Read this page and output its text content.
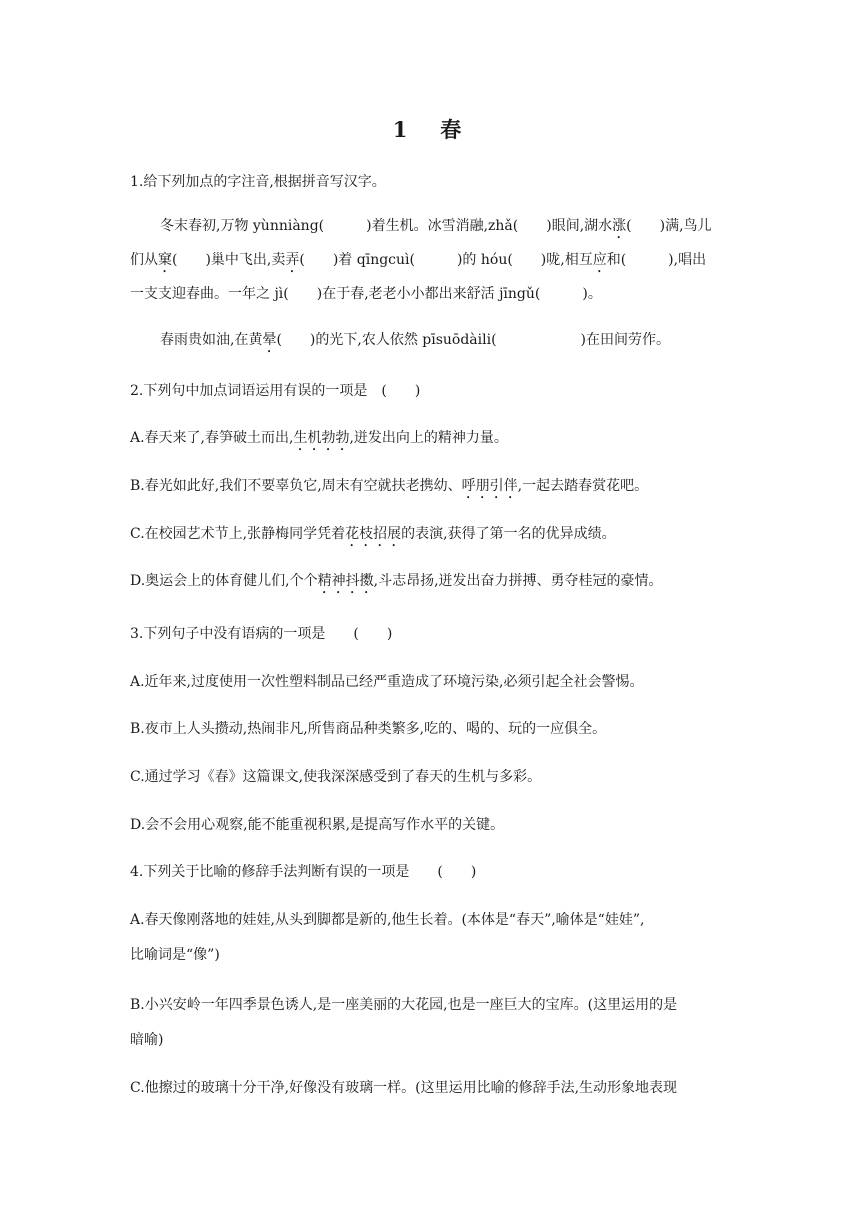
1　春
1.给下列加点的字注音,根据拼音写汉字。
冬末春初,万物 yùnniàng(　　　)着生机。冰雪消融,zhǎ(　　)眼间,湖水涨(　　)满,鸟儿
们从窠(　　)巢中飞出,卖弄(　　)着 qīngcuì(　　　)的 hóu(　　)咙,相互应和(　　　),唱出
一支支迎春曲。一年之 jì(　　)在于春,老老小小都出来舒活 jīngǔ(　　　)。
春雨贵如油,在黄晕(　　)的光下,农人依然 pīsuōdàili(　　　　　　)在田间劳作。
2.下列句中加点词语运用有误的一项是　(　　)
A.春天来了,春笋破土而出,生机勃勃,迸发出向上的精神力量。
B.春光如此好,我们不要辜负它,周末有空就扶老携幼、呼朋引伴,一起去踏春赏花吧。
C.在校园艺术节上,张静梅同学凭着花枝招展的表演,获得了第一名的优异成绩。
D.奥运会上的体育健儿们,个个精神抖擞,斗志昂扬,迸发出奋力拼搏、勇夺桂冠的豪情。
3.下列句子中没有语病的一项是　　(　　)
A.近年来,过度使用一次性塑料制品已经严重造成了环境污染,必须引起全社会警惕。
B.夜市上人头攒动,热闹非凡,所售商品种类繁多,吃的、喝的、玩的一应俱全。
C.通过学习《春》这篇课文,使我深深感受到了春天的生机与多彩。
D.会不会用心观察,能不能重视积累,是提高写作水平的关键。
4.下列关于比喻的修辞手法判断有误的一项是　　(　　)
A.春天像刚落地的娃娃,从头到脚都是新的,他生长着。(本体是“春天”,喻体是“娃娃”,
比喻词是“像”)
B.小兴安岭一年四季景色诱人,是一座美丽的大花园,也是一座巨大的宝库。(这里运用的是
暗喻)
C.他擦过的玻璃十分干净,好像没有玻璃一样。(这里运用比喻的修辞手法,生动形象地表现
